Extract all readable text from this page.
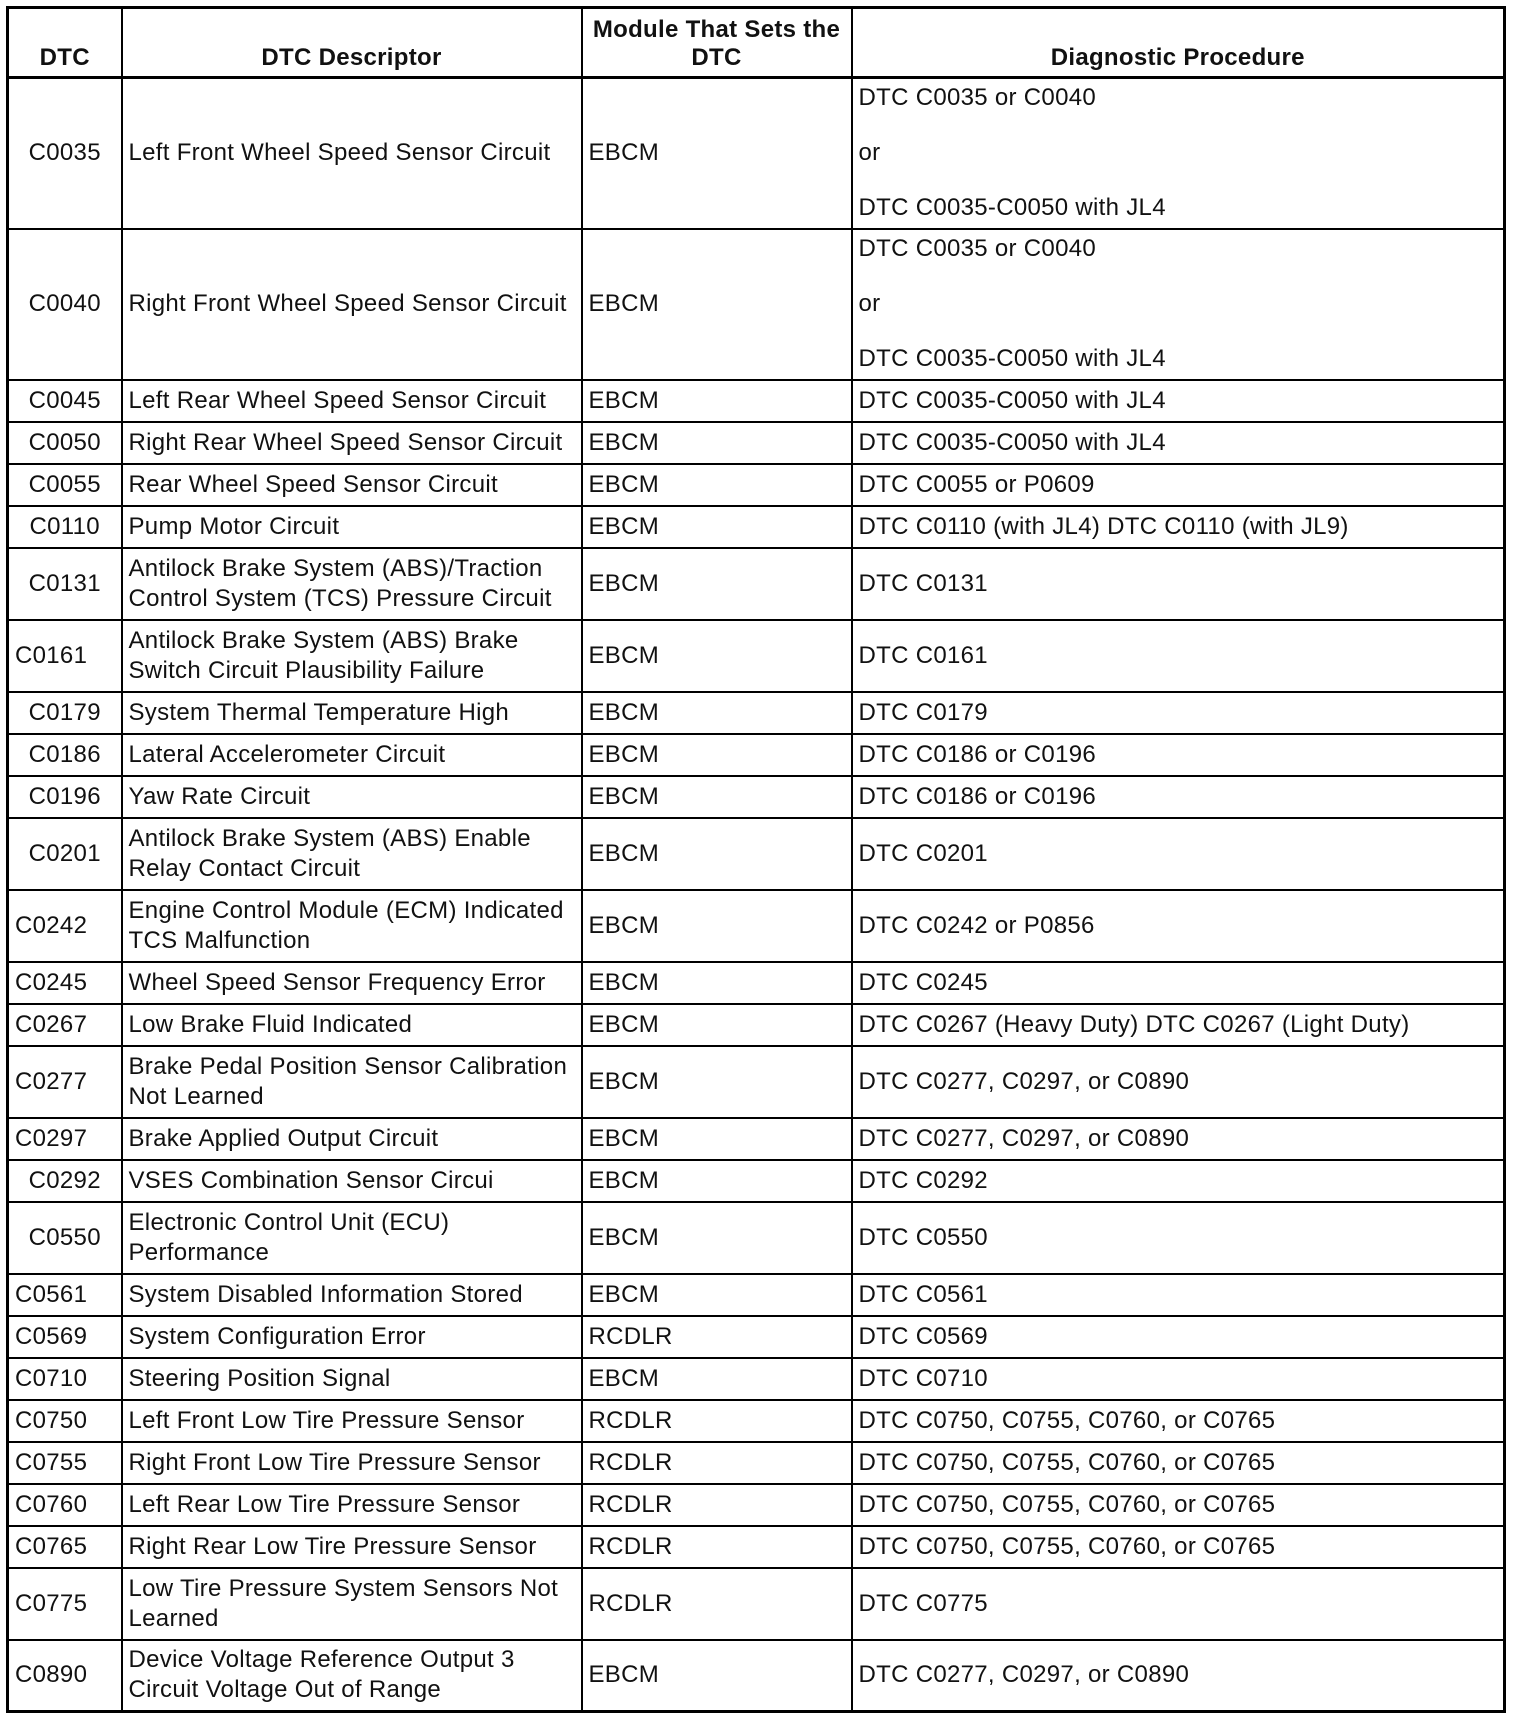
DTC	DTC Descriptor	Module That Sets the DTC	Diagnostic Procedure
C0035	Left Front Wheel Speed Sensor Circuit	EBCM	DTC C0035 or C0040
or
DTC C0035-C0050 with JL4

C0040	Right Front Wheel Speed Sensor Circuit	EBCM	DTC C0035 or C0040
or
DTC C0035-C0050 with JL4

C0045	Left Rear Wheel Speed Sensor Circuit	EBCM	DTC C0035-C0050 with JL4

C0050	Right Rear Wheel Speed Sensor Circuit	EBCM	DTC C0035-C0050 with JL4

C0055	Rear Wheel Speed Sensor Circuit	EBCM	DTC C0055 or P0609

C0110	Pump Motor Circuit	EBCM	DTC C0110 (with JL4) DTC C0110 (with JL9)

C0131	Antilock Brake System (ABS)/Traction Control System (TCS) Pressure Circuit	EBCM	DTC C0131

C0161	Antilock Brake System (ABS) Brake Switch Circuit Plausibility Failure	EBCM	DTC C0161

C0179	System Thermal Temperature High	EBCM	DTC C0179

C0186	Lateral Accelerometer Circuit	EBCM	DTC C0186 or C0196

C0196	Yaw Rate Circuit	EBCM	DTC C0186 or C0196

C0201	Antilock Brake System (ABS) Enable Relay Contact Circuit	EBCM	DTC C0201

C0242	Engine Control Module (ECM) Indicated TCS Malfunction	EBCM	DTC C0242 or P0856

C0245	Wheel Speed Sensor Frequency Error	EBCM	DTC C0245

C0267	Low Brake Fluid Indicated	EBCM	DTC C0267 (Heavy Duty) DTC C0267 (Light Duty)

C0277	Brake Pedal Position Sensor Calibration Not Learned	EBCM	DTC C0277, C0297, or C0890

C0297	Brake Applied Output Circuit	EBCM	DTC C0277, C0297, or C0890

C0292	VSES Combination Sensor Circui	EBCM	DTC C0292

C0550	Electronic Control Unit (ECU) Performance	EBCM	DTC C0550

C0561	System Disabled Information Stored	EBCM	DTC C0561

C0569	System Configuration Error	RCDLR	DTC C0569

C0710	Steering Position Signal	EBCM	DTC C0710

C0750	Left Front Low Tire Pressure Sensor	RCDLR	DTC C0750, C0755, C0760, or C0765

C0755	Right Front Low Tire Pressure Sensor	RCDLR	DTC C0750, C0755, C0760, or C0765

C0760	Left Rear Low Tire Pressure Sensor	RCDLR	DTC C0750, C0755, C0760, or C0765

C0765	Right Rear Low Tire Pressure Sensor	RCDLR	DTC C0750, C0755, C0760, or C0765

C0775	Low Tire Pressure System Sensors Not Learned	RCDLR	DTC C0775

C0890	Device Voltage Reference Output 3 Circuit Voltage Out of Range	EBCM	DTC C0277, C0297, or C0890
